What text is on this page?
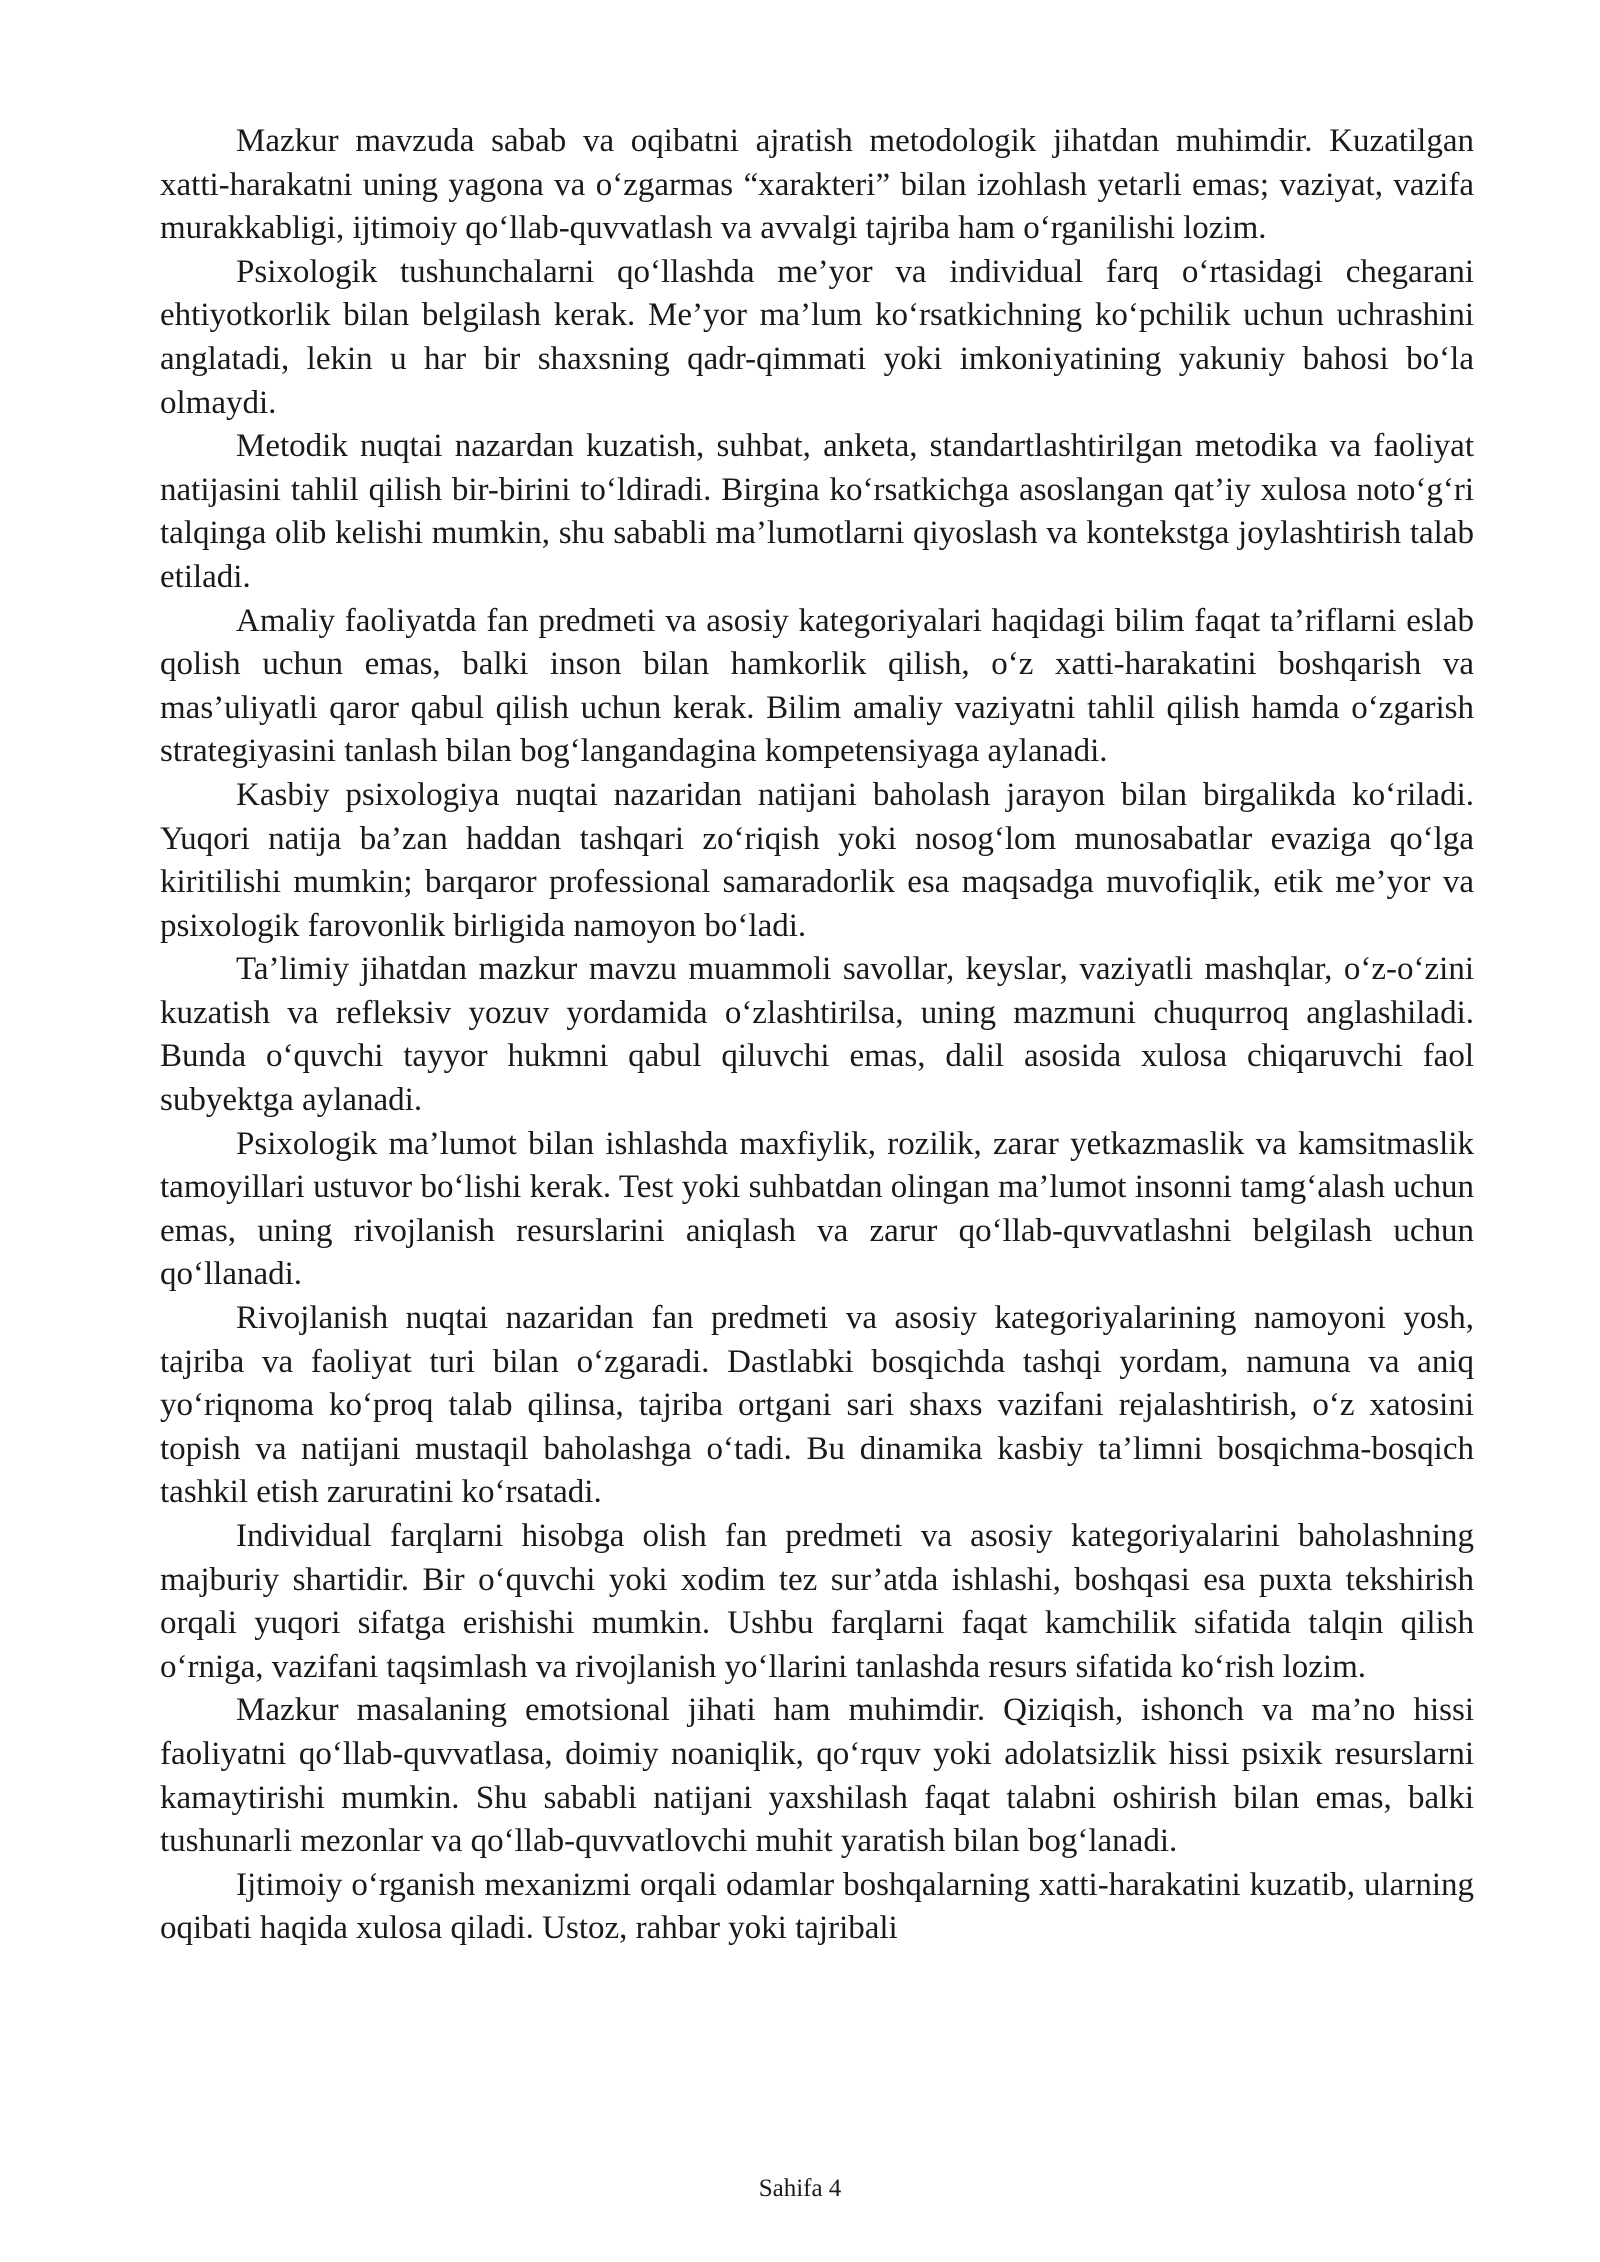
Mazkur mavzuda sabab va oqibatni ajratish metodologik jihatdan muhimdir. Kuzatilgan xatti-harakatni uning yagona va o‘zgarmas “xarakteri” bilan izohlash yetarli emas; vaziyat, vazifa murakkabligi, ijtimoiy qo‘llab-quvvatlash va avvalgi tajriba ham o‘rganilishi lozim.

Psixologik tushunchalarni qo‘llashda me’yor va individual farq o‘rtasidagi chegarani ehtiyotkorlik bilan belgilash kerak. Me’yor ma’lum ko‘rsatkichning ko‘pchilik uchun uchrashini anglatadi, lekin u har bir shaxsning qadr-qimmati yoki imkoniyatining yakuniy bahosi bo‘la olmaydi.

Metodik nuqtai nazardan kuzatish, suhbat, anketa, standartlashtirilgan metodika va faoliyat natijasini tahlil qilish bir-birini to‘ldiradi. Birgina ko‘rsatkichga asoslangan qat’iy xulosa noto‘g‘ri talqinga olib kelishi mumkin, shu sababli ma’lumotlarni qiyoslash va kontekstga joylashtirish talab etiladi.

Amaliy faoliyatda fan predmeti va asosiy kategoriyalari haqidagi bilim faqat ta’riflarni eslab qolish uchun emas, balki inson bilan hamkorlik qilish, o‘z xatti-harakatini boshqarish va mas’uliyatli qaror qabul qilish uchun kerak. Bilim amaliy vaziyatni tahlil qilish hamda o‘zgarish strategiyasini tanlash bilan bog‘langandagina kompetensiyaga aylanadi.

Kasbiy psixologiya nuqtai nazaridan natijani baholash jarayon bilan birgalikda ko‘riladi. Yuqori natija ba’zan haddan tashqari zo‘riqish yoki nosog‘lom munosabatlar evaziga qo‘lga kiritilishi mumkin; barqaror professional samaradorlik esa maqsadga muvofiqlik, etik me’yor va psixologik farovonlik birligida namoyon bo‘ladi.

Ta’limiy jihatdan mazkur mavzu muammoli savollar, keyslar, vaziyatli mashqlar, o‘z-o‘zini kuzatish va refleksiv yozuv yordamida o‘zlashtirilsa, uning mazmuni chuqurroq anglashiladi. Bunda o‘quvchi tayyor hukmni qabul qiluvchi emas, dalil asosida xulosa chiqaruvchi faol subyektga aylanadi.

Psixologik ma’lumot bilan ishlashda maxfiylik, rozilik, zarar yetkazmaslik va kamsitmaslik tamoyillari ustuvor bo‘lishi kerak. Test yoki suhbatdan olingan ma’lumot insonni tamg‘alash uchun emas, uning rivojlanish resurslarini aniqlash va zarur qo‘llab-quvvatlashni belgilash uchun qo‘llanadi.

Rivojlanish nuqtai nazaridan fan predmeti va asosiy kategoriyalarining namoyoni yosh, tajriba va faoliyat turi bilan o‘zgaradi. Dastlabki bosqichda tashqi yordam, namuna va aniq yo‘riqnoma ko‘proq talab qilinsa, tajriba ortgani sari shaxs vazifani rejalashtirish, o‘z xatosini topish va natijani mustaqil baholashga o‘tadi. Bu dinamika kasbiy ta’limni bosqichma-bosqich tashkil etish zaruratini ko‘rsatadi.

Individual farqlarni hisobga olish fan predmeti va asosiy kategoriyalarini baholashning majburiy shartidir. Bir o‘quvchi yoki xodim tez sur’atda ishlashi, boshqasi esa puxta tekshirish orqali yuqori sifatga erishishi mumkin. Ushbu farqlarni faqat kamchilik sifatida talqin qilish o‘rniga, vazifani taqsimlash va rivojlanish yo‘llarini tanlashda resurs sifatida ko‘rish lozim.

Mazkur masalaning emotsional jihati ham muhimdir. Qiziqish, ishonch va ma’no hissi faoliyatni qo‘llab-quvvatlasa, doimiy noaniqlik, qo‘rquv yoki adolatsizlik hissi psixik resurslarni kamaytirishi mumkin. Shu sababli natijani yaxshilash faqat talabni oshirish bilan emas, balki tushunarli mezonlar va qo‘llab-quvvatlovchi muhit yaratish bilan bog‘lanadi.

Ijtimoiy o‘rganish mexanizmi orqali odamlar boshqalarning xatti-harakatini kuzatib, ularning oqibati haqida xulosa qiladi. Ustoz, rahbar yoki tajribali

Sahifa 4
